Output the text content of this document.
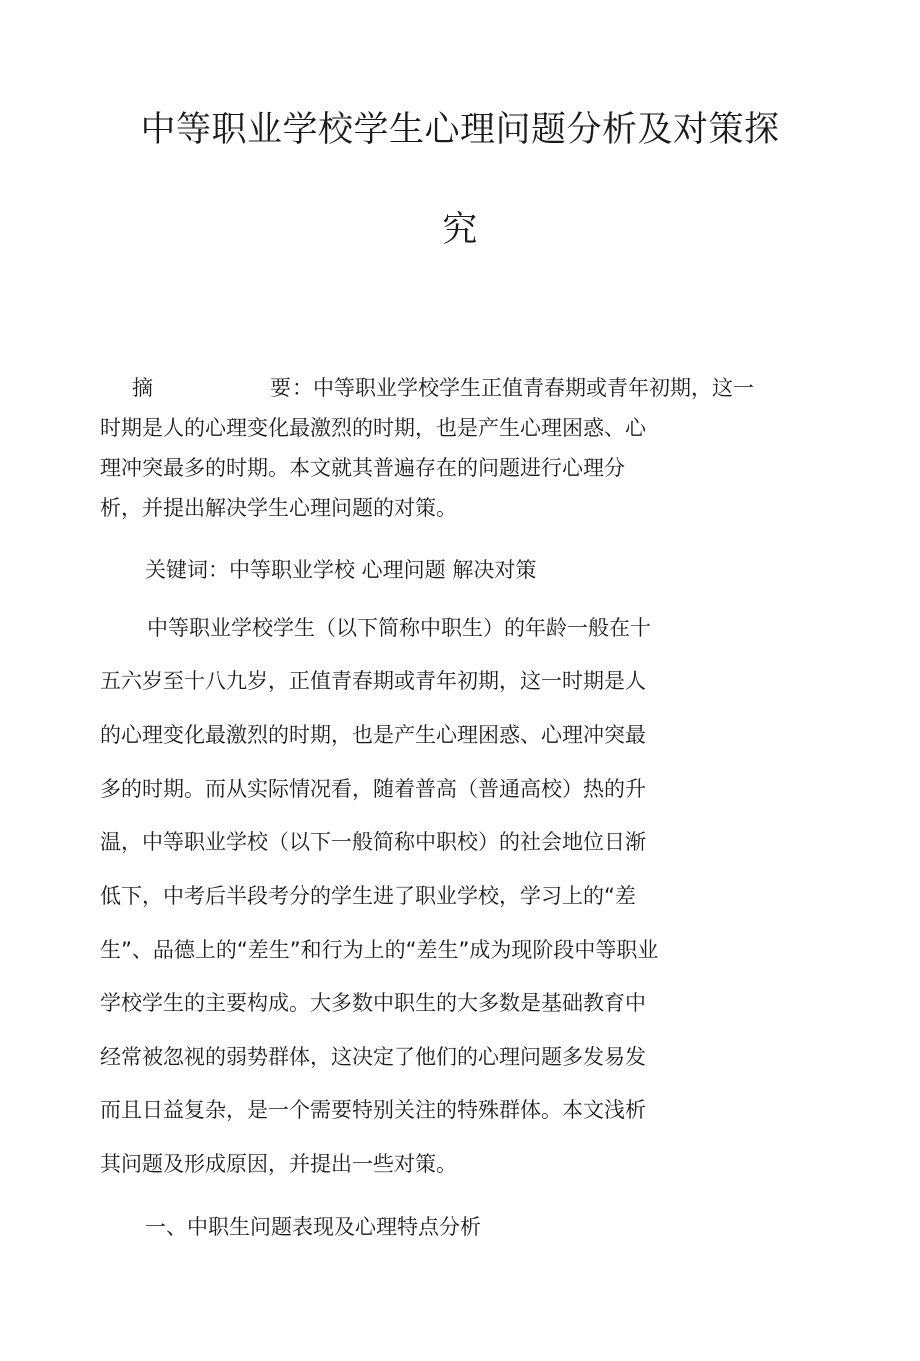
中等职业学校学生心理问题分析及对策探
究
摘	要 ：中等职业学校学生正值青春期或青年初期，这一

时期是人的心理变化最激烈的时期，也是产生心理困惑、心

理冲突最多的时期。本文就其普遍存在的问题进行心理分

析，并提出解决学生心理问题的对策。

关键词：中等职业学校 心理问题 解决对策

中等职业学校学生（以下简称中职生）的年龄一般在十

五六岁至十八九岁，正值青春期或青年初期，这一时期是人

的心理变化最激烈的时期，也是产生心理困惑、心理冲突最

多的时期。而从实际情况看，随着普高（普通高校）热的升

温，中等职业学校（以下一般简称中职校）的社会地位日渐

低下，中考后半段考分的学生进了职业学校，学习上的“差

生”、品德上的“差生”和行为上的“差生”成为现阶段中等职业

学校学生的主要构成。大多数中职生的大多数是基础教育中

经常被忽视的弱势群体，这决定了他们的心理问题多发易发

而且日益复杂，是一个需要特别关注的特殊群体。本文浅析

其问题及形成原因，并提出一些对策。

一、中职生问题表现及心理特点分析
